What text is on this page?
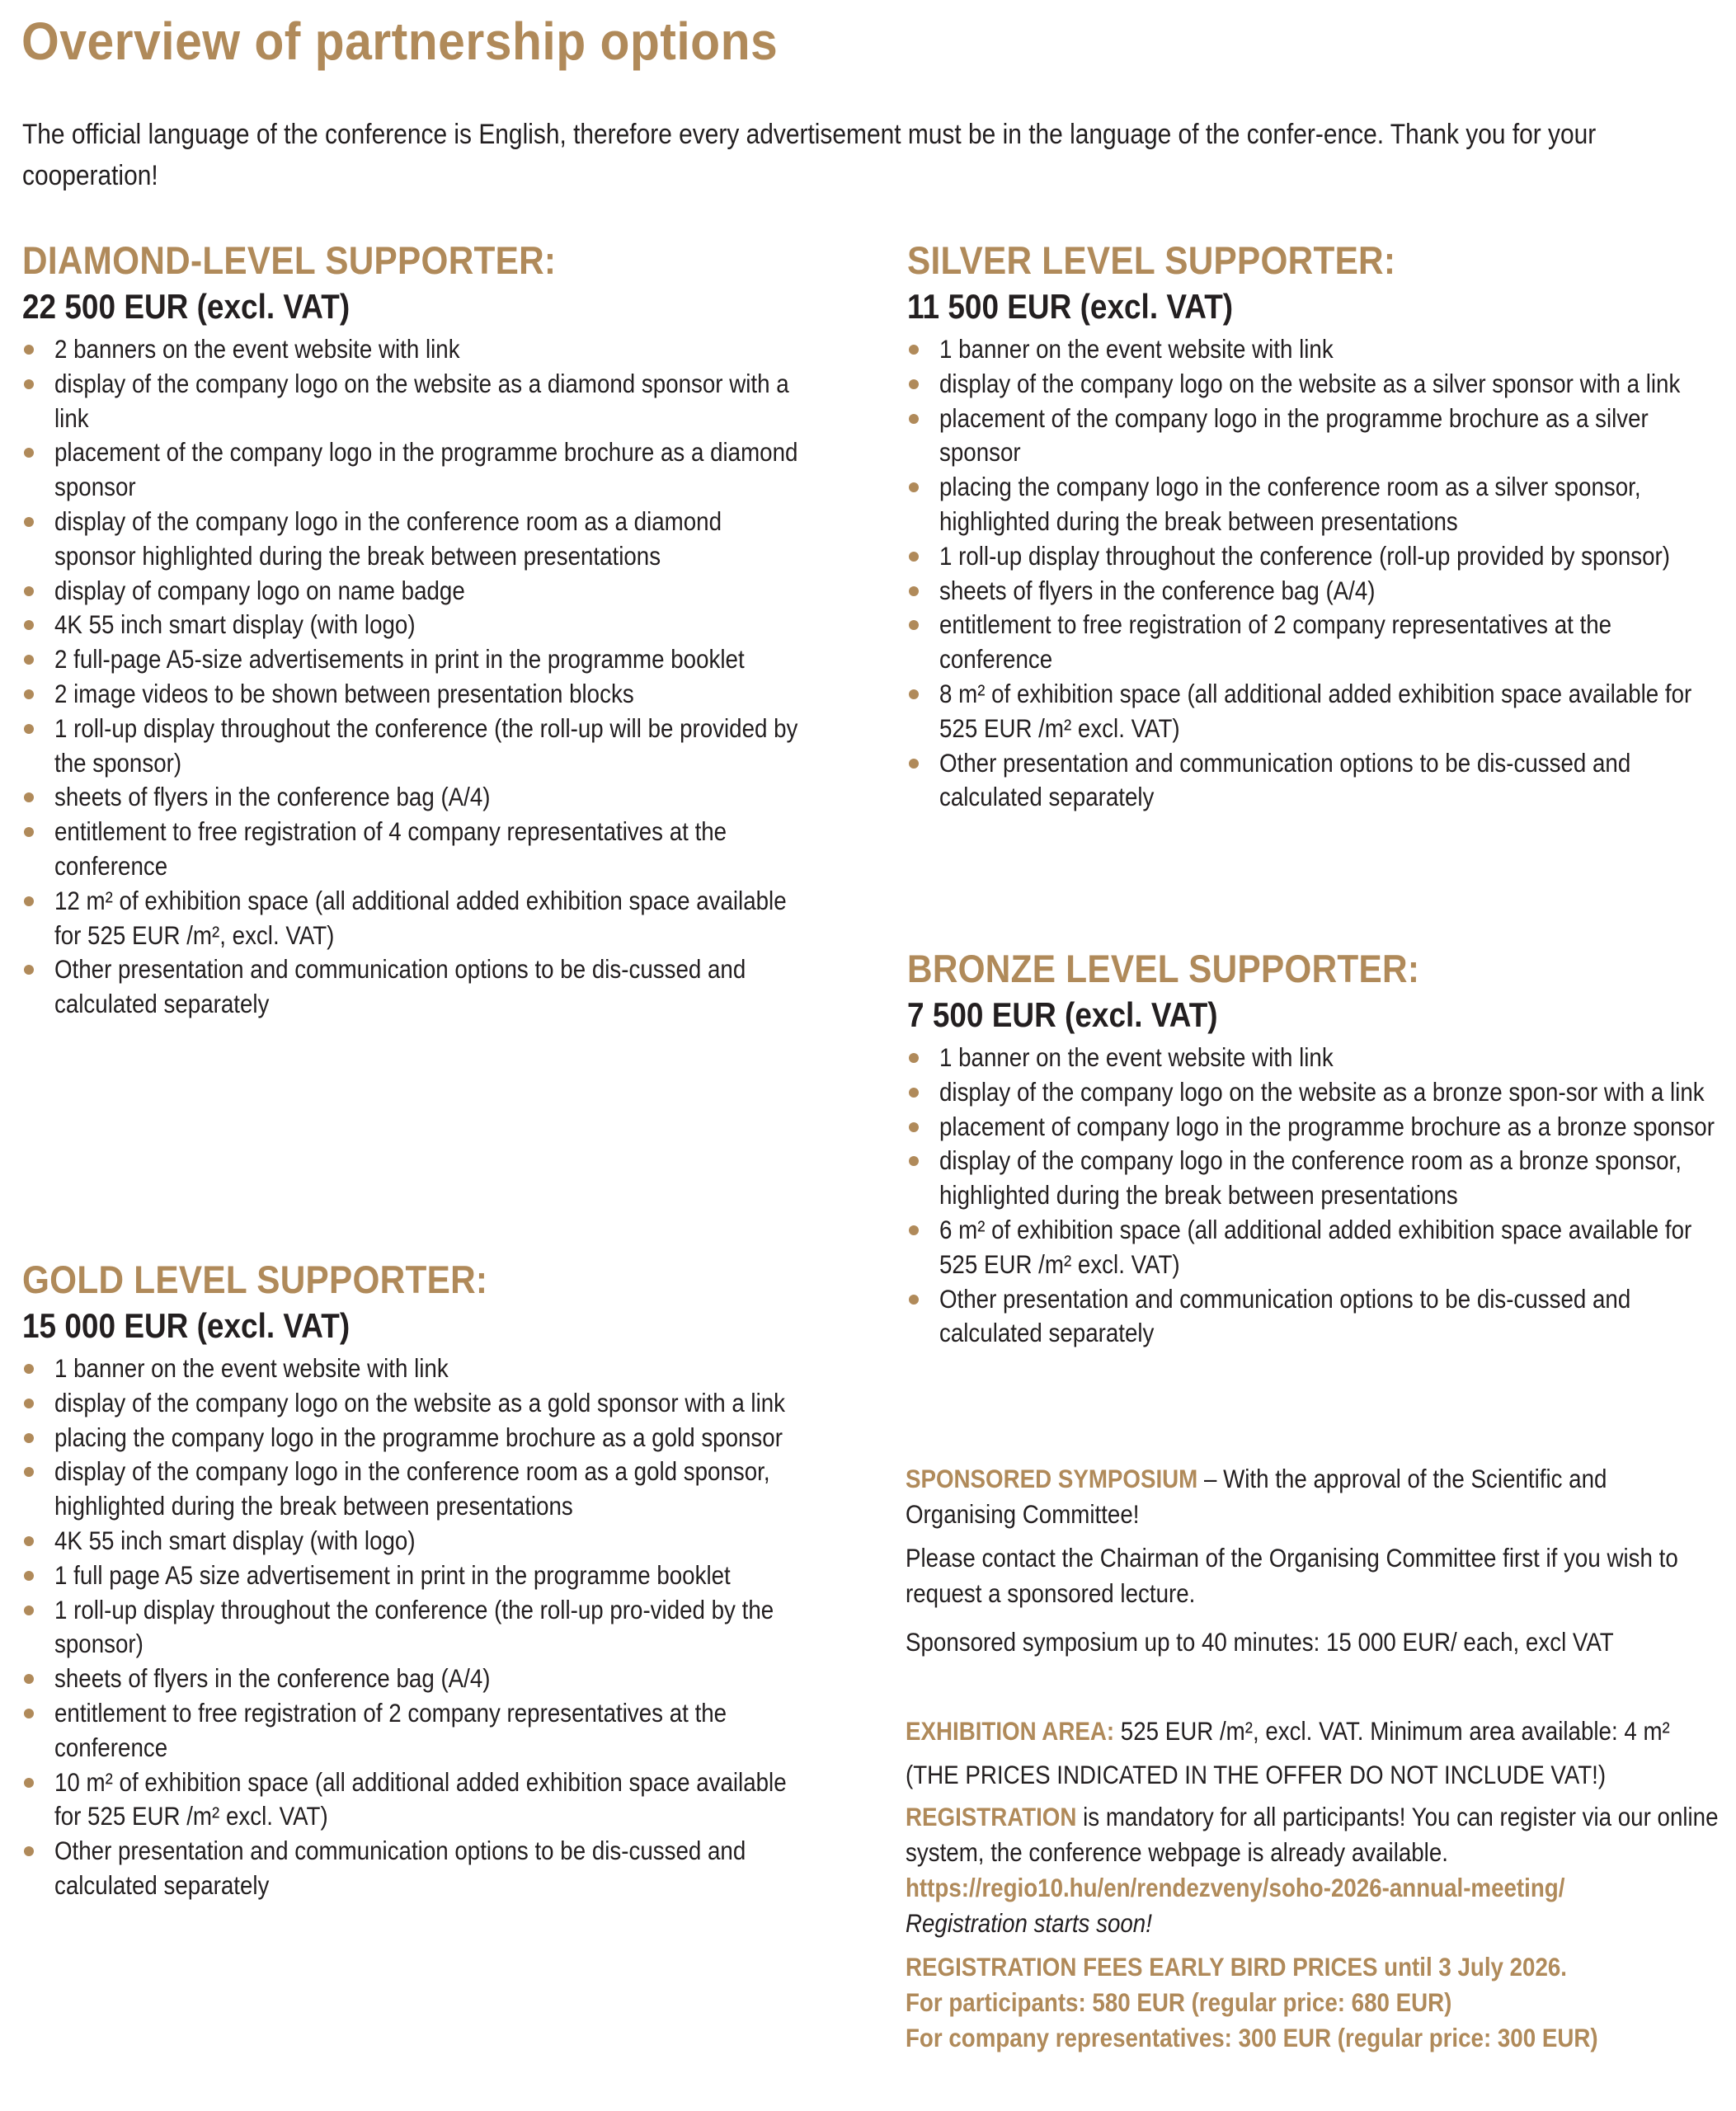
Overview of partnership options

The official language of the conference is English, therefore every advertisement must be in the language of the confer-ence. Thank you for your cooperation!

DIAMOND-LEVEL SUPPORTER:
22 500 EUR (excl. VAT)
2 banners on the event website with link
display of the company logo on the website as a diamond sponsor with a link
placement of the company logo in the programme brochure as a diamond sponsor
display of the company logo in the conference room as a diamond sponsor highlighted during the break between presentations
display of company logo on name badge
4K 55 inch smart display (with logo)
2 full-page A5-size advertisements in print in the programme booklet
2 image videos to be shown between presentation blocks
1 roll-up display throughout the conference (the roll-up will be provided by the sponsor)
sheets of flyers in the conference bag (A/4)
entitlement to free registration of 4 company representatives at the conference
12 m² of exhibition space (all additional added exhibition space available for 525 EUR /m², excl. VAT)
Other presentation and communication options to be dis-cussed and calculated separately
GOLD LEVEL SUPPORTER:
15 000 EUR (excl. VAT)
1 banner on the event website with link
display of the company logo on the website as a gold sponsor with a link
placing the company logo in the programme brochure as a gold sponsor
display of the company logo in the conference room as a gold sponsor, highlighted during the break between presentations
4K 55 inch smart display (with logo)
1 full page A5 size advertisement in print in the programme booklet
1 roll-up display throughout the conference (the roll-up pro-vided by the sponsor)
sheets of flyers in the conference bag (A/4)
entitlement to free registration of 2 company representatives at the conference
10 m² of exhibition space (all additional added exhibition space available for 525 EUR /m² excl. VAT)
Other presentation and communication options to be dis-cussed and calculated separately
SILVER LEVEL SUPPORTER:
11 500 EUR (excl. VAT)
1 banner on the event website with link
display of the company logo on the website as a silver sponsor with a link
placement of the company logo in the programme brochure as a silver sponsor
placing the company logo in the conference room as a silver sponsor, highlighted during the break between presentations
1 roll-up display throughout the conference (roll-up provided by sponsor)
sheets of flyers in the conference bag (A/4)
entitlement to free registration of 2 company representatives at the conference
8 m² of exhibition space (all additional added exhibition space available for 525 EUR /m² excl. VAT)
Other presentation and communication options to be dis-cussed and calculated separately
BRONZE LEVEL SUPPORTER:
7 500 EUR (excl. VAT)
1 banner on the event website with link
display of the company logo on the website as a bronze spon-sor with a link
placement of company logo in the programme brochure as a bronze sponsor
display of the company logo in the conference room as a bronze sponsor, highlighted during the break between presentations
6 m² of exhibition space (all additional added exhibition space available for 525 EUR /m² excl. VAT)
Other presentation and communication options to be dis-cussed and calculated separately

SPONSORED SYMPOSIUM – With the approval of the Scientific and Organising Committee!

Please contact the Chairman of the Organising Committee first if you wish to request a sponsored lecture.

Sponsored symposium up to 40 minutes: 15 000 EUR/ each, excl VAT

EXHIBITION AREA: 525 EUR /m², excl. VAT. Minimum area available: 4 m²

(THE PRICES INDICATED IN THE OFFER DO NOT INCLUDE VAT!)

REGISTRATION is mandatory for all participants! You can register via our online system, the conference webpage is already available.

https://regio10.hu/en/rendezveny/soho-2026-annual-meeting/

Registration starts soon!

REGISTRATION FEES EARLY BIRD PRICES until 3 July 2026.

For participants: 580 EUR (regular price: 680 EUR)

For company representatives: 300 EUR (regular price: 300 EUR)
